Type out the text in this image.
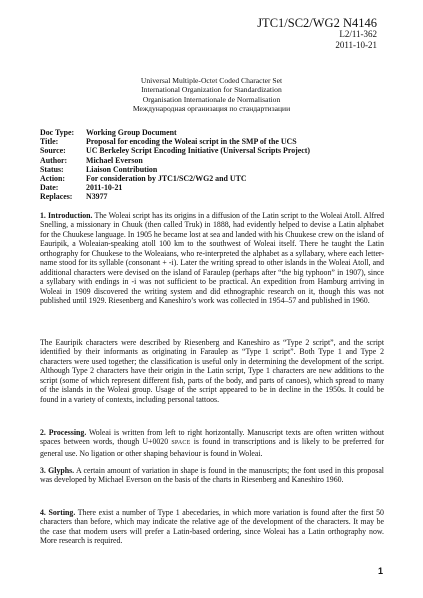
JTC1/SC2/WG2 N4146
L2/11-362
2011-10-21
Universal Multiple-Octet Coded Character Set
International Organization for Standardization
Organisation Internationale de Normalisation
Международная организация по стандартизации
Doc Type:	Working Group Document
Title:	Proposal for encoding the Woleai script in the SMP of the UCS
Source:	UC Berkeley Script Encoding Initiative (Universal Scripts Project)
Author:	Michael Everson
Status:	Liaison Contribution
Action:	For consideration by JTC1/SC2/WG2 and UTC
Date:	2011-10-21
Replaces:	N3977

1. Introduction. The Woleai script has its origins in a diffusion of the Latin script to the Woleai Atoll. Alfred Snelling, a missionary in Chuuk (then called Truk) in 1888, had evidently helped to devise a Latin alphabet for the Chuukese language. In 1905 he became lost at sea and landed with his Chuukese crew on the island of Eauripik, a Woleaian-speaking atoll 100 km to the southwest of Woleai itself. There he taught the Latin orthography for Chuukese to the Woleaians, who re-interpreted the alphabet as a syllabary, where each letter-name stood for its syllable (consonant + -i). Later the writing spread to other islands in the Woleai Atoll, and additional characters were devised on the island of Faraulep (perhaps after “the big typhoon” in 1907), since a syllabary with endings in -i was not sufficient to be practical. An expedition from Hamburg arriving in Woleai in 1909 discovered the writing system and did ethnographic research on it, though this was not published until 1929. Riesenberg and Kaneshiro’s work was collected in 1954–57 and published in 1960.

The Eauripik characters were described by Riesenberg and Kaneshiro as “Type 2 script”, and the script identified by their informants as originating in Faraulep as “Type 1 script”. Both Type 1 and Type 2 characters were used together; the classification is useful only in determining the development of the script. Although Type 2 characters have their origin in the Latin script, Type 1 characters are new additions to the script (some of which represent different fish, parts of the body, and parts of canoes), which spread to many of the islands in the Woleai group. Usage of the script appeared to be in decline in the 1950s. It could be found in a variety of contexts, including personal tattoos.

2. Processing. Woleai is written from left to right horizontally. Manuscript texts are often written without spaces between words, though U+0020 SPACE is found in transcriptions and is likely to be preferred for general use. No ligation or other shaping behaviour is found in Woleai.

3. Glyphs. A certain amount of variation in shape is found in the manuscripts; the font used in this proposal was developed by Michael Everson on the basis of the charts in Riesenberg and Kaneshiro 1960.

4. Sorting. There exist a number of Type 1 abecedaries, in which more variation is found after the first 50 characters than before, which may indicate the relative age of the development of the characters. It may be the case that modern users will prefer a Latin-based ordering, since Woleai has a Latin orthography now. More research is required.

1
